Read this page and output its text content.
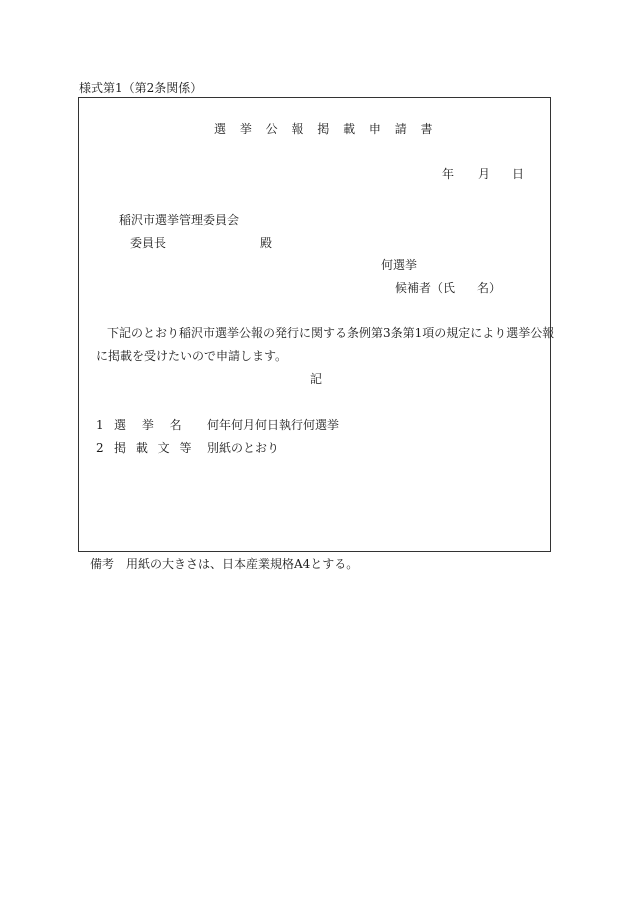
様式第1（第2条関係）
選 挙 公 報 掲 載 申 請 書
年 月 日
稲沢市選挙管理委員会
委員長	殿
何選挙
候補者（氏 名）
下記のとおり稲沢市選挙公報の発行に関する条例第3条第1項の規定により選挙公報
に掲載を受けたいので申請します。
記
1 選　 挙　 名 何年何月何日執行何選挙
2 掲 載 文 等 別紙のとおり
備考　用紙の大きさは、日本産業規格A4とする。
